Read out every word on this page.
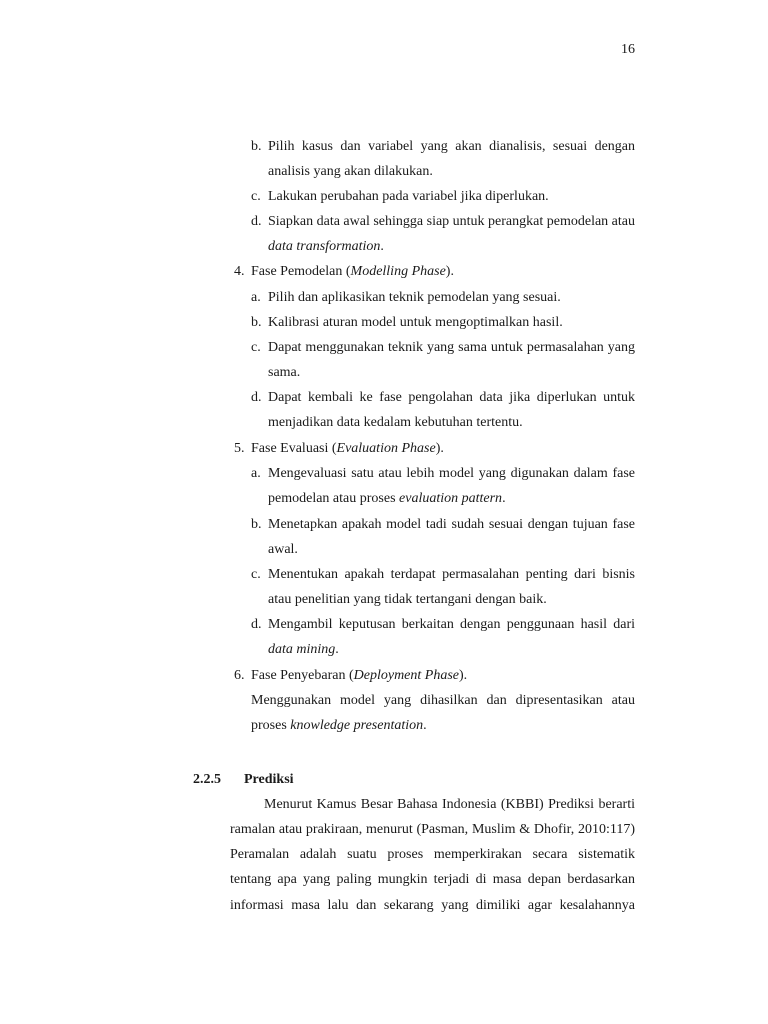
16
b. Pilih kasus dan variabel yang akan dianalisis, sesuai dengan
analisis yang akan dilakukan.
c. Lakukan perubahan pada variabel jika diperlukan.
d. Siapkan data awal sehingga siap untuk perangkat pemodelan atau
data transformation.
4. Fase Pemodelan (Modelling Phase).
a. Pilih dan aplikasikan teknik pemodelan yang sesuai.
b. Kalibrasi aturan model untuk mengoptimalkan hasil.
c. Dapat menggunakan teknik yang sama untuk permasalahan yang
sama.
d. Dapat kembali ke fase pengolahan data jika diperlukan untuk
menjadikan data kedalam kebutuhan tertentu.
5. Fase Evaluasi (Evaluation Phase).
a. Mengevaluasi satu atau lebih model yang digunakan dalam fase
pemodelan atau proses evaluation pattern.
b. Menetapkan apakah model tadi sudah sesuai dengan tujuan fase
awal.
c. Menentukan apakah terdapat permasalahan penting dari bisnis
atau penelitian yang tidak tertangani dengan baik.
d. Mengambil keputusan berkaitan dengan penggunaan hasil dari
data mining.
6. Fase Penyebaran (Deployment Phase).
Menggunakan model yang dihasilkan dan dipresentasikan atau
proses knowledge presentation.
2.2.5 Prediksi
Menurut Kamus Besar Bahasa Indonesia (KBBI) Prediksi berarti
ramalan atau prakiraan, menurut (Pasman, Muslim & Dhofir, 2010:117)
Peramalan adalah suatu proses memperkirakan secara sistematik
tentang apa yang paling mungkin terjadi di masa depan berdasarkan
informasi masa lalu dan sekarang yang dimiliki agar kesalahannya
